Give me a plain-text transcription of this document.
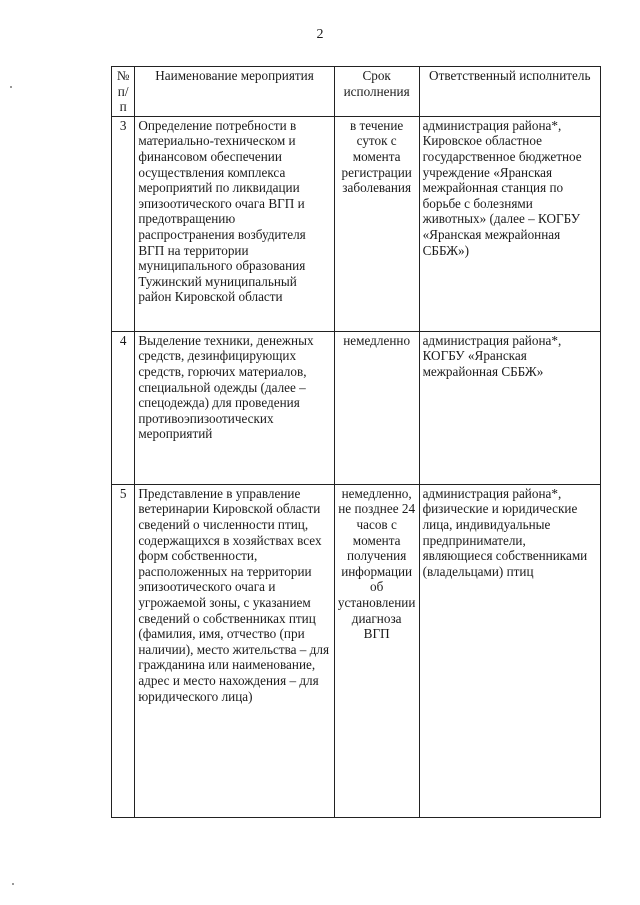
2
№ п/п	Наименование мероприятия	Срок исполнения	Ответственный исполнитель
3	Определение потребности в материально-техническом и финансовом обеспечении осуществления комплекса мероприятий по ликвидации эпизоотического очага ВГП и предотвращению распространения возбудителя ВГП на территории муниципального образования Тужинский муниципальный район Кировской области	в течение суток с момента регистрации заболевания	администрация района*, Кировское областное государственное бюджетное учреждение «Яранская межрайонная станция по борьбе с болезнями животных» (далее – КОГБУ «Яранская межрайонная СББЖ»)
4	Выделение техники, денежных средств, дезинфицирующих средств, горючих материалов, специальной одежды (далее – спецодежда) для проведения противоэпизоотических мероприятий	немедленно	администрация района*, КОГБУ «Яранская межрайонная СББЖ»
5	Представление в управление ветеринарии Кировской области сведений о численности птиц, содержащихся в хозяйствах всех форм собственности, расположенных на территории эпизоотического очага и угрожаемой зоны, с указанием сведений о собственниках птиц (фамилия, имя, отчество (при наличии), место жительства – для гражданина или наименование, адрес и место нахождения – для юридического лица)	немедленно, не позднее 24 часов с момента получения информации об установлении диагноза ВГП	администрация района*, физические и юридические лица, индивидуальные предприниматели, являющиеся собственниками (владельцами) птиц
